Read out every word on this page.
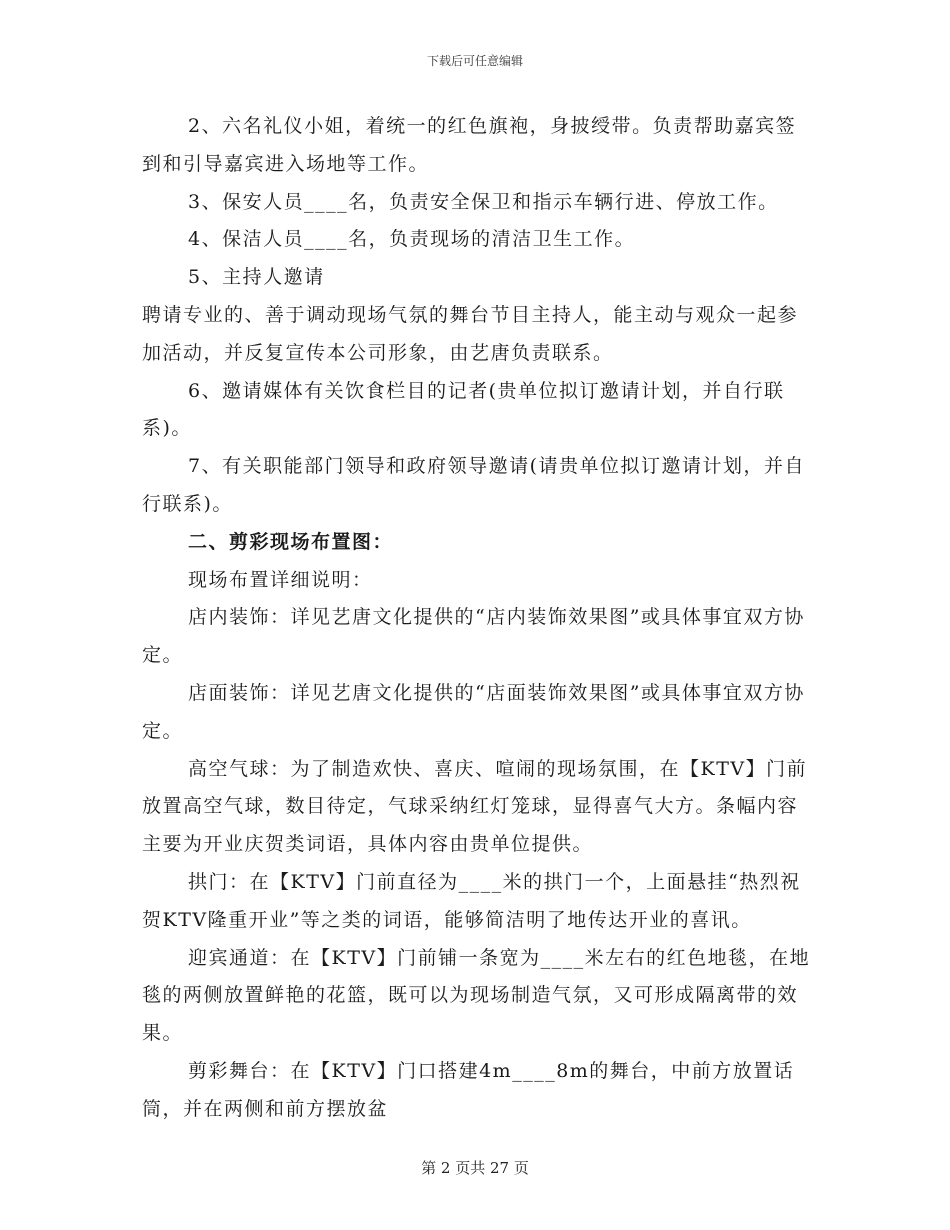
下载后可任意编辑

2、六名礼仪小姐，着统一的红色旗袍，身披绶带。负责帮助嘉宾签到和引导嘉宾进入场地等工作。

3、保安人员____名，负责安全保卫和指示车辆行进、停放工作。

4、保洁人员____名，负责现场的清洁卫生工作。

5、主持人邀请

聘请专业的、善于调动现场气氛的舞台节目主持人，能主动与观众一起参加活动，并反复宣传本公司形象，由艺唐负责联系。

6、邀请媒体有关饮食栏目的记者(贵单位拟订邀请计划，并自行联系)。

7、有关职能部门领导和政府领导邀请(请贵单位拟订邀请计划，并自行联系)。

二、剪彩现场布置图：

现场布置详细说明：

店内装饰：详见艺唐文化提供的“店内装饰效果图”或具体事宜双方协定。

店面装饰：详见艺唐文化提供的“店面装饰效果图”或具体事宜双方协定。

高空气球：为了制造欢快、喜庆、喧闹的现场氛围，在【KTV】门前放置高空气球，数目待定，气球采纳红灯笼球，显得喜气大方。条幅内容主要为开业庆贺类词语，具体内容由贵单位提供。

拱门：在【KTV】门前直径为____米的拱门一个，上面悬挂“热烈祝贺KTV隆重开业”等之类的词语，能够简洁明了地传达开业的喜讯。

迎宾通道：在【KTV】门前铺一条宽为____米左右的红色地毯，在地毯的两侧放置鲜艳的花篮，既可以为现场制造气氛，又可形成隔离带的效果。

剪彩舞台：在【KTV】门口搭建4m____8m的舞台，中前方放置话筒，并在两侧和前方摆放盆

第 2 页共 27 页
